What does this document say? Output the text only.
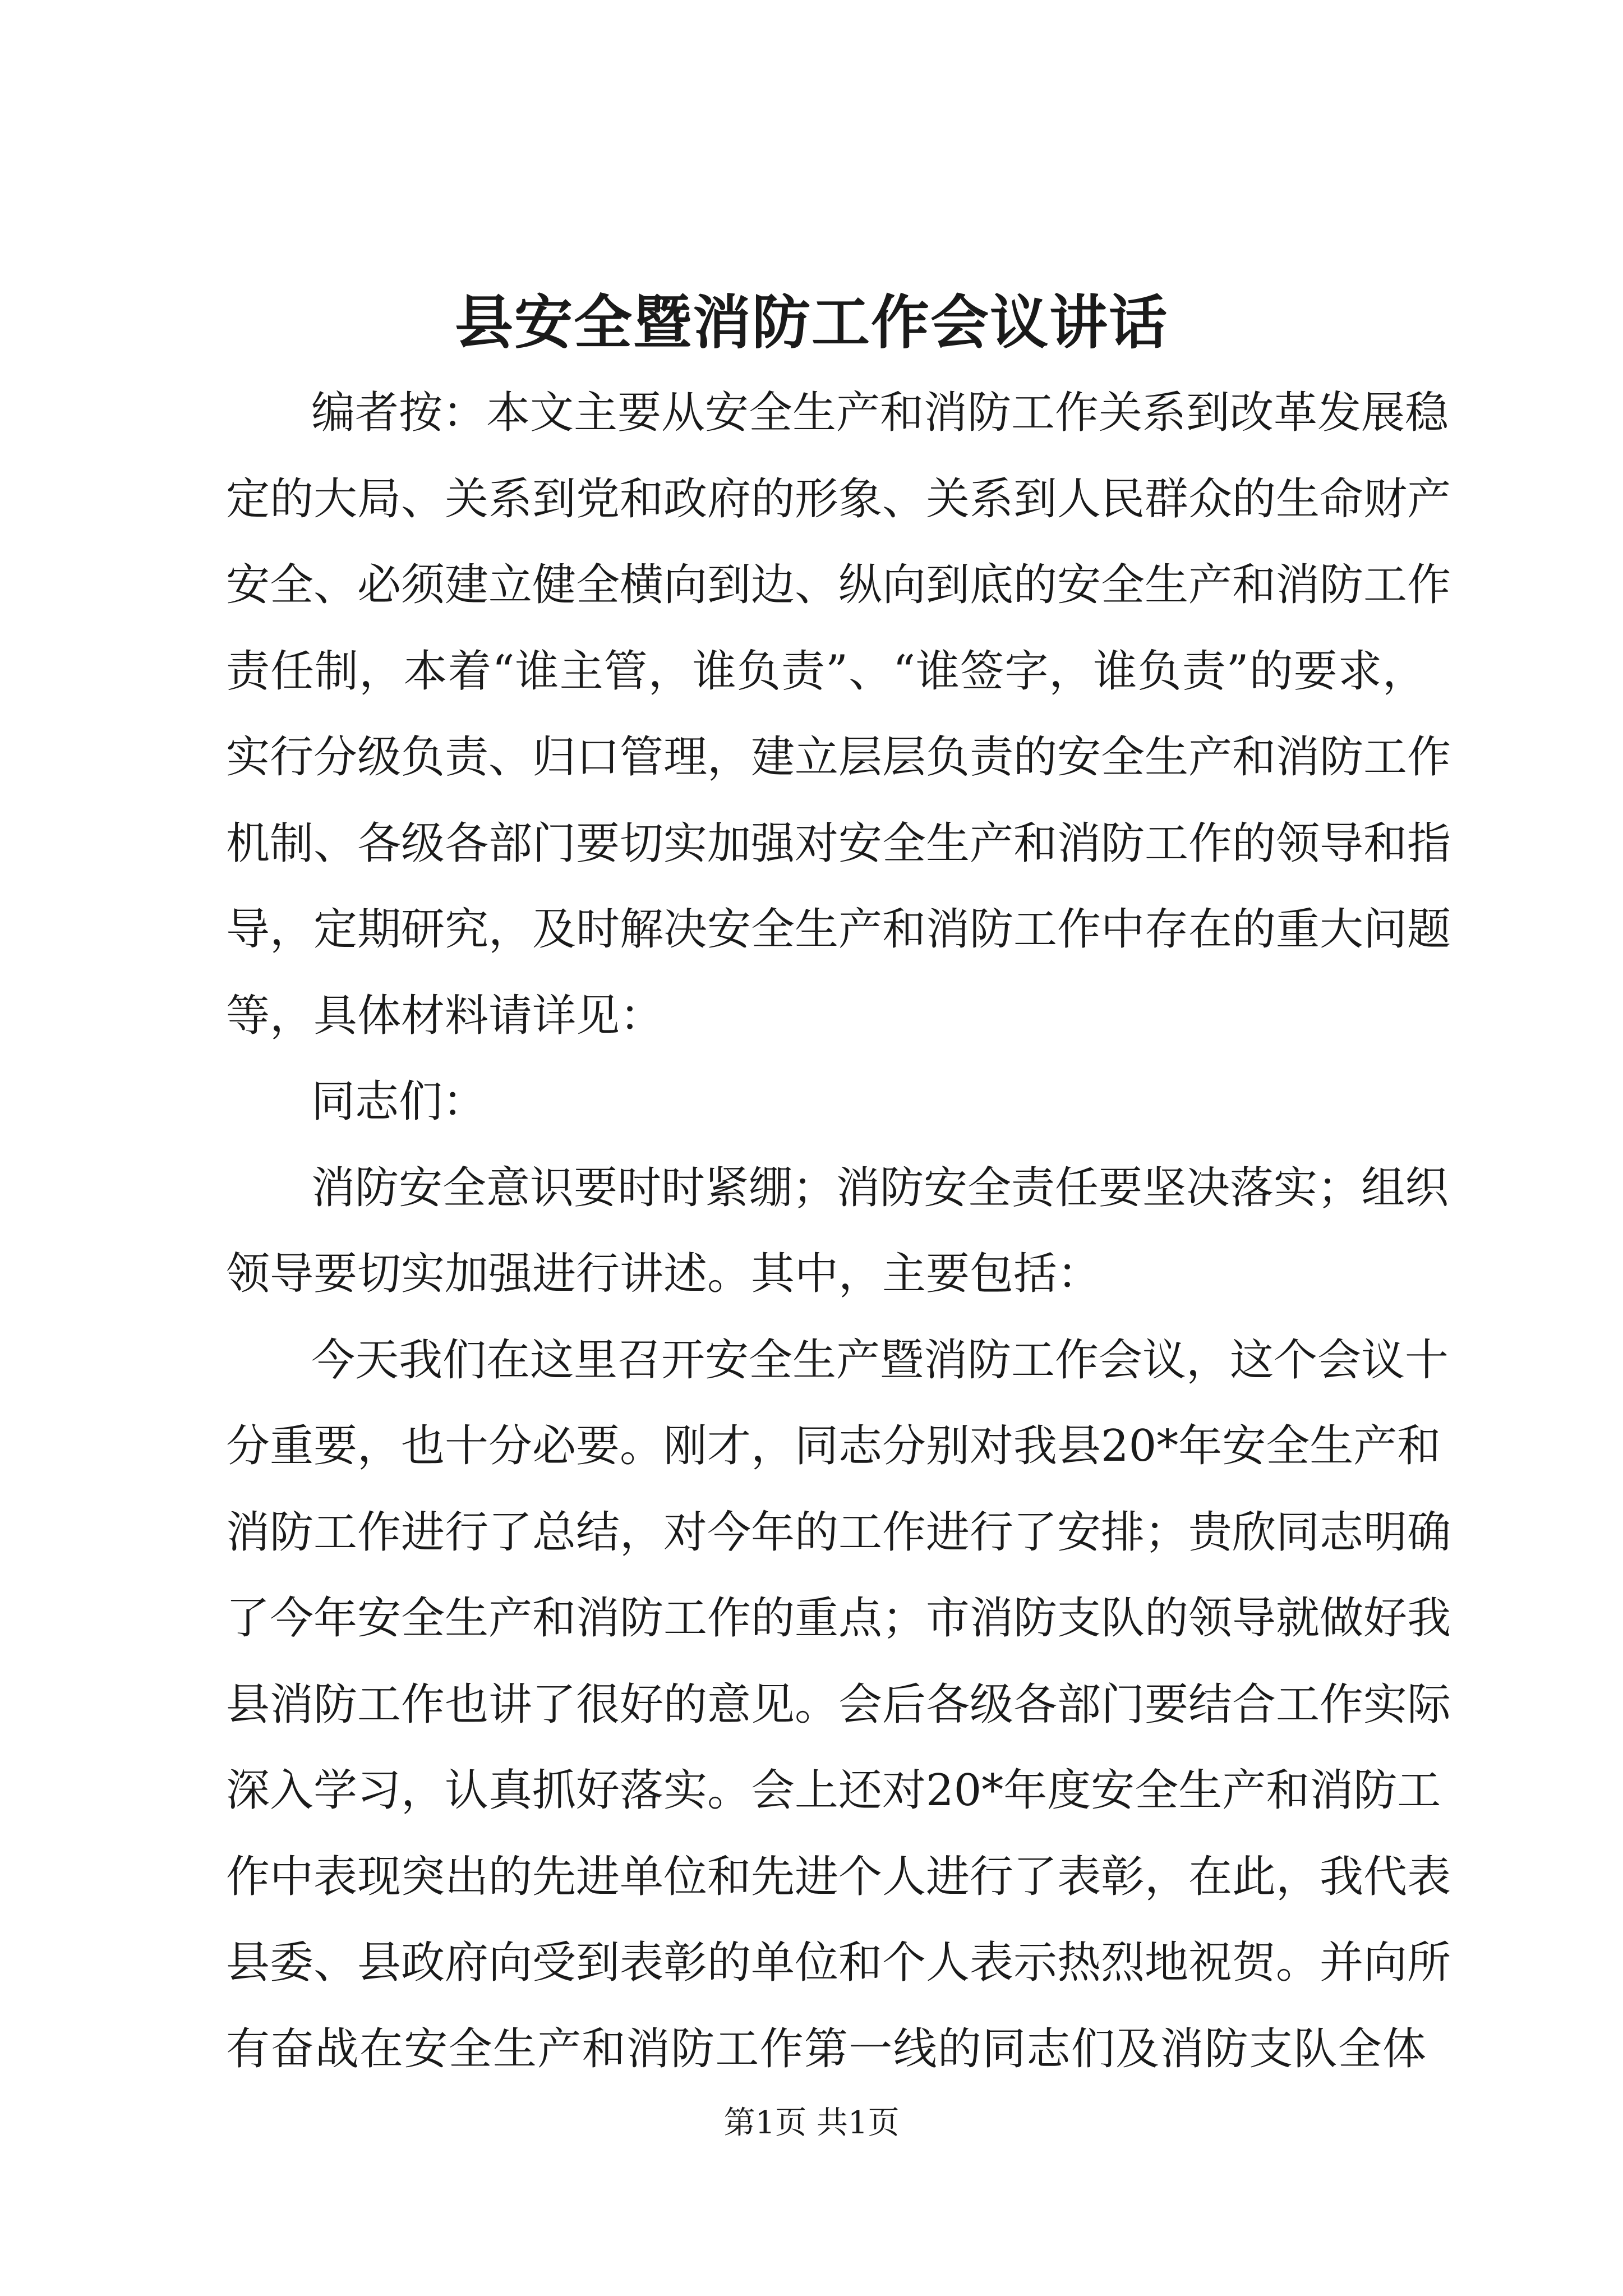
县安全暨消防工作会议讲话
编者按：本文主要从安全生产和消防工作关系到改革发展稳
定的大局、关系到党和政府的形象、关系到人民群众的生命财产
安全、必须建立健全横向到边、纵向到底的安全生产和消防工作
责任制，本着“谁主管，谁负责”、“谁签字，谁负责”的要求，
实行分级负责、归口管理，建立层层负责的安全生产和消防工作
机制、各级各部门要切实加强对安全生产和消防工作的领导和指
导，定期研究，及时解决安全生产和消防工作中存在的重大问题
等，具体材料请详见：
同志们：
消防安全意识要时时紧绷；消防安全责任要坚决落实；组织
领导要切实加强进行讲述。其中，主要包括：
今天我们在这里召开安全生产暨消防工作会议，这个会议十
分重要，也十分必要。刚才，同志分别对我县20*年安全生产和
消防工作进行了总结，对今年的工作进行了安排；贵欣同志明确
了今年安全生产和消防工作的重点；市消防支队的领导就做好我
县消防工作也讲了很好的意见。会后各级各部门要结合工作实际
深入学习，认真抓好落实。会上还对20*年度安全生产和消防工
作中表现突出的先进单位和先进个人进行了表彰，在此，我代表
县委、县政府向受到表彰的单位和个人表示热烈地祝贺。并向所
有奋战在安全生产和消防工作第一线的同志们及消防支队全体
第1页 共1页
